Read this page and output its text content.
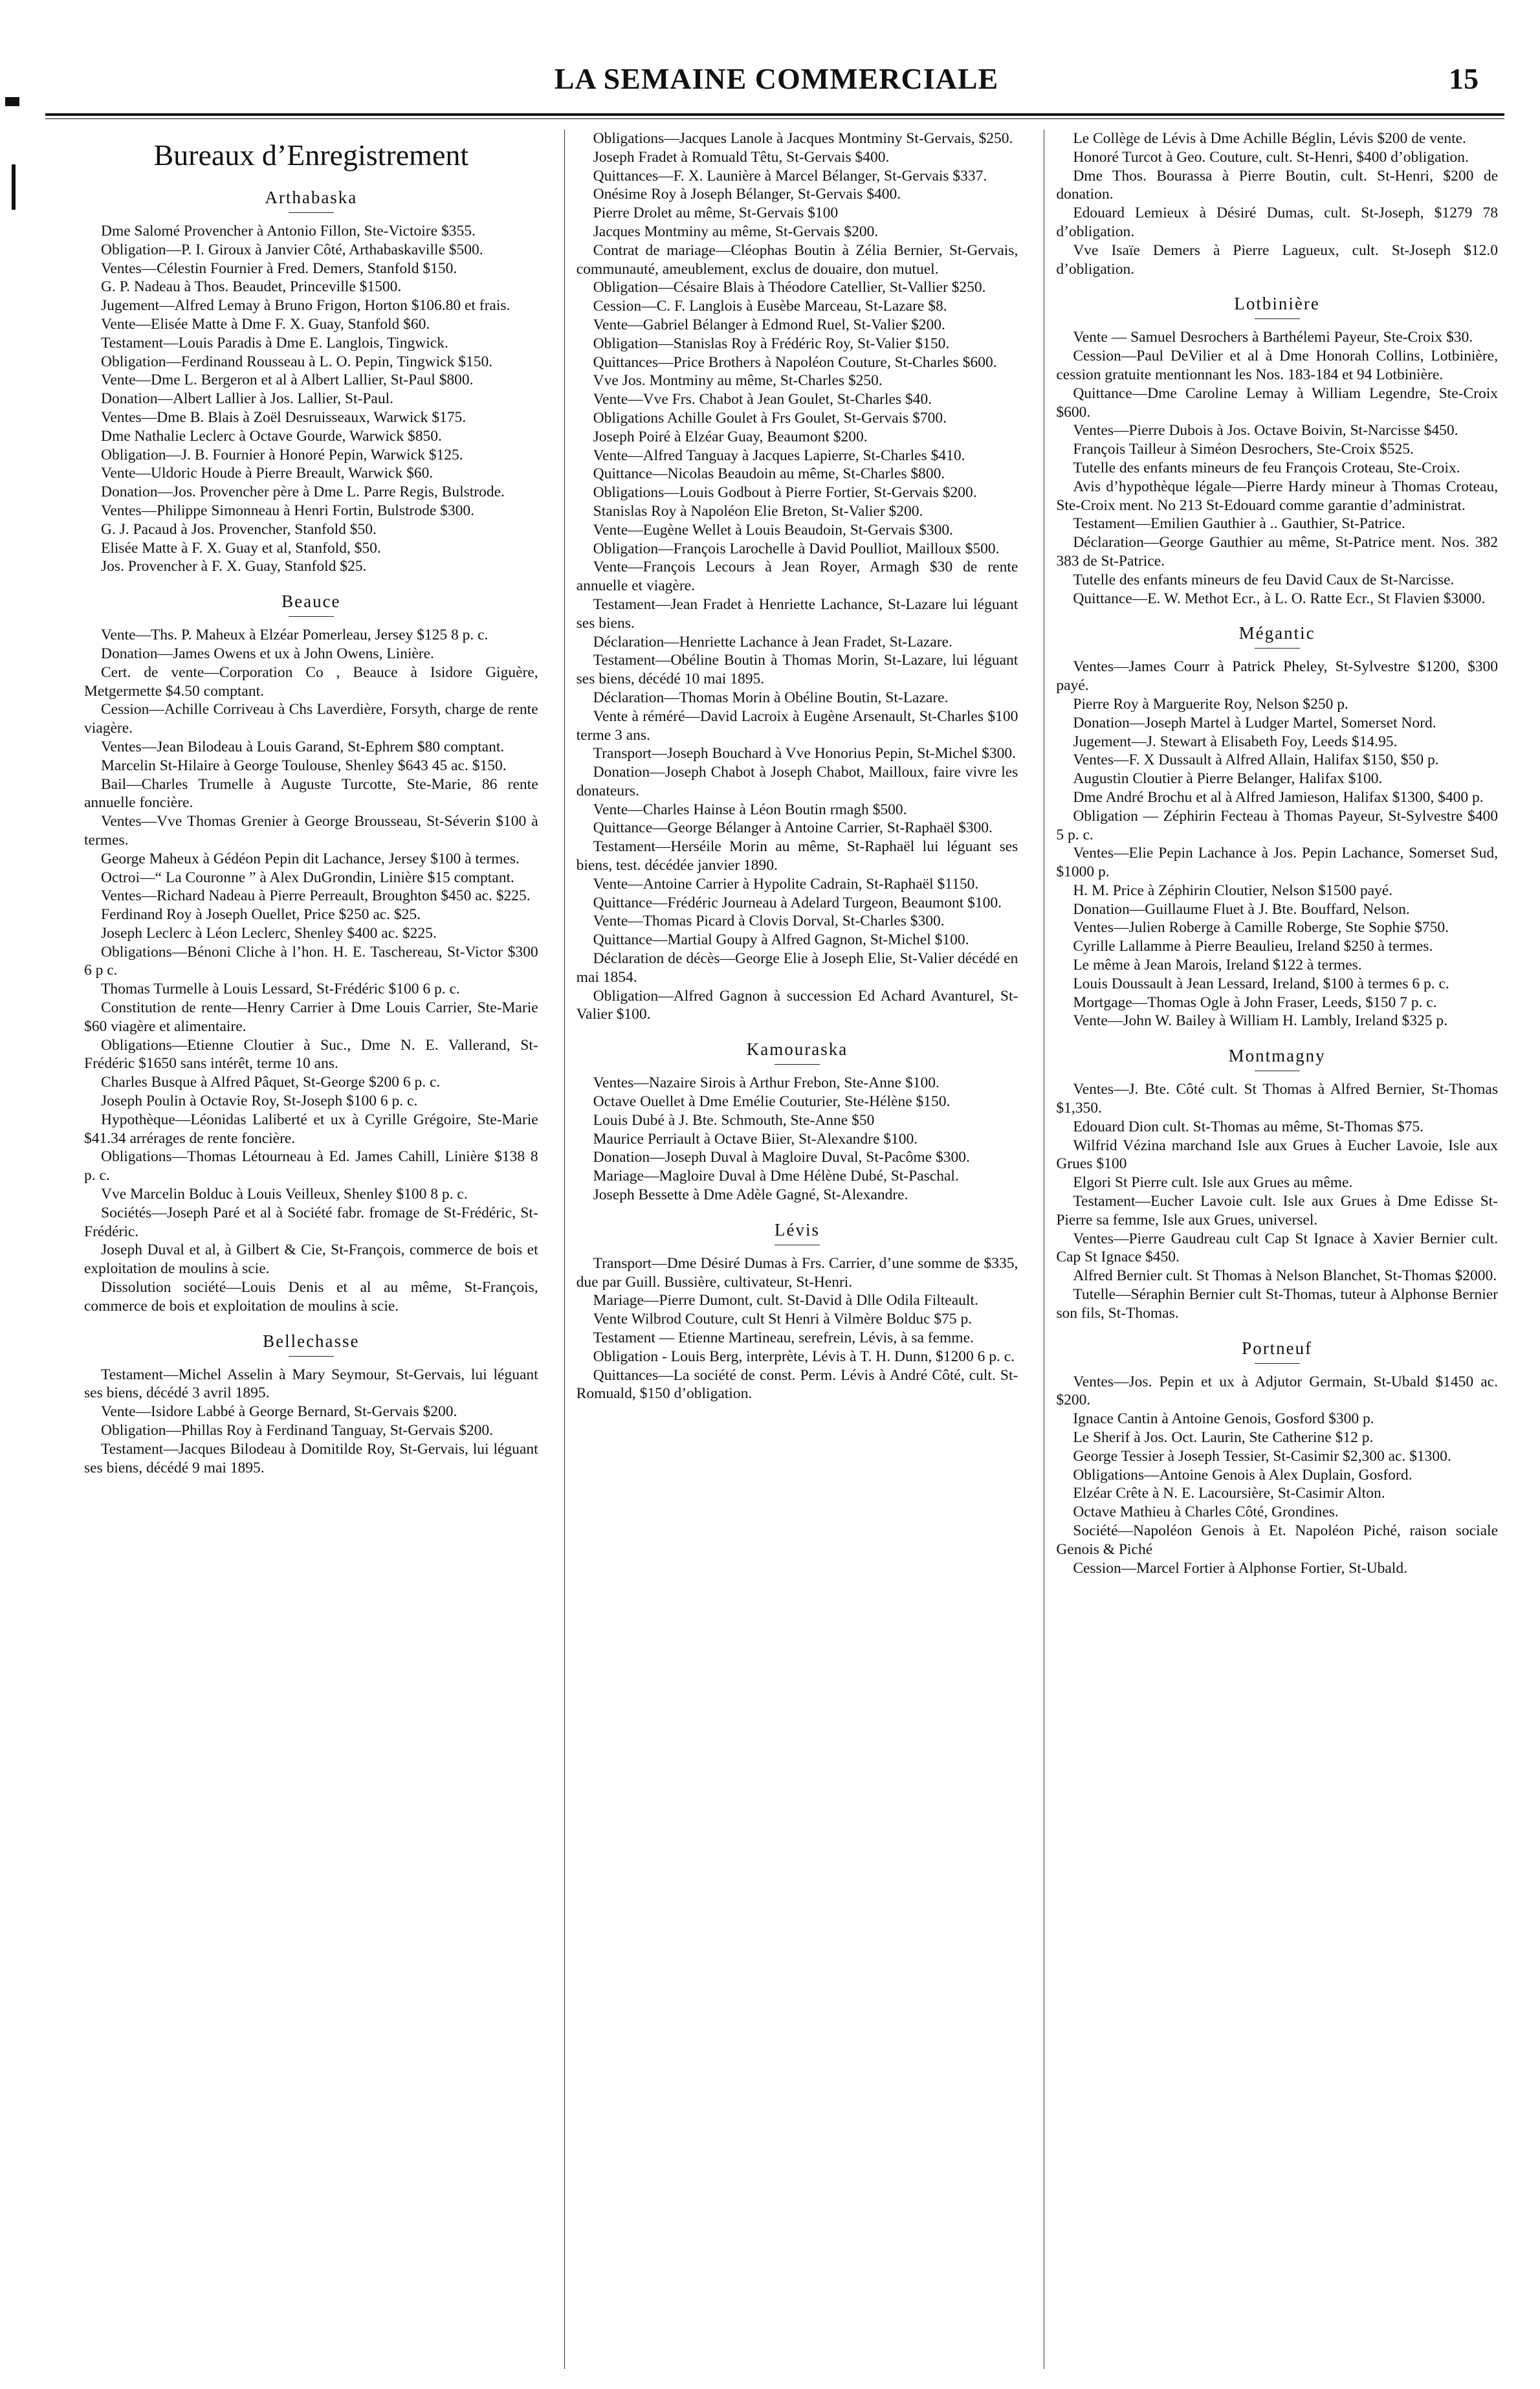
LA SEMAINE COMMERCIALE	15
Bureaux d’Enregistrement
Arthabaska

Dme Salomé Provencher à Antonio Fillon, Ste-Victoire $355.

Obligation—P. I. Giroux à Janvier Côté, Arthabaskaville $500.

Ventes—Célestin Fournier à Fred. Demers, Stanfold $150.

G. P. Nadeau à Thos. Beaudet, Princeville $1500.

Jugement—Alfred Lemay à Bruno Frigon, Horton $106.80 et frais.

Vente—Elisée Matte à Dme F. X. Guay, Stanfold $60.

Testament—Louis Paradis à Dme E. Langlois, Tingwick.

Obligation—Ferdinand Rousseau à L. O. Pepin, Tingwick $150.

Vente—Dme L. Bergeron et al à Albert Lallier, St-Paul $800.

Donation—Albert Lallier à Jos. Lallier, St-Paul.

Ventes—Dme B. Blais à Zoël Desruisseaux, Warwick $175.

Dme Nathalie Leclerc à Octave Gourde, Warwick $850.

Obligation—J. B. Fournier à Honoré Pepin, Warwick $125.

Vente—Uldoric Houde à Pierre Breault, Warwick $60.

Donation—Jos. Provencher père à Dme L. Parre Regis, Bulstrode.

Ventes—Philippe Simonneau à Henri Fortin, Bulstrode $300.

G. J. Pacaud à Jos. Provencher, Stanfold $50.

Elisée Matte à F. X. Guay et al, Stanfold, $50.

Jos. Provencher à F. X. Guay, Stanfold $25.

Beauce

Vente—Ths. P. Maheux à Elzéar Pomerleau, Jersey $125 8 p. c.

Donation—James Owens et ux à John Owens, Linière.

Cert. de vente—Corporation Co , Beauce à Isidore Giguère, Metgermette $4.50 comptant.

Cession—Achille Corriveau à Chs Laverdière, Forsyth, charge de rente viagère.

Ventes—Jean Bilodeau à Louis Garand, St-Ephrem $80 comptant.

Marcelin St-Hilaire à George Toulouse, Shenley $643 45 ac. $150.

Bail—Charles Trumelle à Auguste Turcotte, Ste-Marie, 86 rente annuelle foncière.

Ventes—Vve Thomas Grenier à George Brousseau, St-Séverin $100 à termes.

George Maheux à Gédéon Pepin dit Lachance, Jersey $100 à termes.

Octroi—“ La Couronne ” à Alex DuGrondin, Linière $15 comptant.

Ventes—Richard Nadeau à Pierre Perreault, Broughton $450 ac. $225.

Ferdinand Roy à Joseph Ouellet, Price $250 ac. $25.

Joseph Leclerc à Léon Leclerc, Shenley $400 ac. $225.

Obligations—Bénoni Cliche à l’hon. H. E. Taschereau, St-Victor $300 6 p c.

Thomas Turmelle à Louis Lessard, St-Frédéric $100 6 p. c.

Constitution de rente—Henry Carrier à Dme Louis Carrier, Ste-Marie $60 viagère et alimentaire.

Obligations—Etienne Cloutier à Suc., Dme N. E. Vallerand, St-Frédéric $1650 sans intérêt, terme 10 ans.

Charles Busque à Alfred Pâquet, St-George $200 6 p. c.

Joseph Poulin à Octavie Roy, St-Joseph $100 6 p. c.

Hypothèque—Léonidas Laliberté et ux à Cyrille Grégoire, Ste-Marie $41.34 arrérages de rente foncière.

Obligations—Thomas Létourneau à Ed. James Cahill, Linière $138 8 p. c.

Vve Marcelin Bolduc à Louis Veilleux, Shenley $100 8 p. c.

Sociétés—Joseph Paré et al à Société fabr. fromage de St-Frédéric, St-Frédéric.

Joseph Duval et al, à Gilbert & Cie, St-François, commerce de bois et exploitation de moulins à scie.

Dissolution société—Louis Denis et al au même, St-François, commerce de bois et exploitation de moulins à scie.

Bellechasse

Testament—Michel Asselin à Mary Seymour, St-Gervais, lui léguant ses biens, décédé 3 avril 1895.

Vente—Isidore Labbé à George Bernard, St-Gervais $200.

Obligation—Phillas Roy à Ferdinand Tanguay, St-Gervais $200.

Testament—Jacques Bilodeau à Domitilde Roy, St-Gervais, lui léguant ses biens, décédé 9 mai 1895.

Obligations—Jacques Lanole à Jacques Montminy St-Gervais, $250.

Joseph Fradet à Romuald Têtu, St-Gervais $400.

Quittances—F. X. Launière à Marcel Bélanger, St-Gervais $337.

Onésime Roy à Joseph Bélanger, St-Gervais $400.

Pierre Drolet au même, St-Gervais $100

Jacques Montminy au même, St-Gervais $200.

Contrat de mariage—Cléophas Boutin à Zélia Bernier, St-Gervais, communauté, ameublement, exclus de douaire, don mutuel.

Obligation—Césaire Blais à Théodore Catellier, St-Vallier $250.

Cession—C. F. Langlois à Eusèbe Marceau, St-Lazare $8.

Vente—Gabriel Bélanger à Edmond Ruel, St-Valier $200.

Obligation—Stanislas Roy à Frédéric Roy, St-Valier $150.

Quittances—Price Brothers à Napoléon Couture, St-Charles $600.

Vve Jos. Montminy au même, St-Charles $250.

Vente—Vve Frs. Chabot à Jean Goulet, St-Charles $40.

Obligations Achille Goulet à Frs Goulet, St-Gervais $700.

Joseph Poiré à Elzéar Guay, Beaumont $200.

Vente—Alfred Tanguay à Jacques Lapierre, St-Charles $410.

Quittance—Nicolas Beaudoin au même, St-Charles $800.

Obligations—Louis Godbout à Pierre Fortier, St-Gervais $200.

Stanislas Roy à Napoléon Elie Breton, St-Valier $200.

Vente—Eugène Wellet à Louis Beaudoin, St-Gervais $300.

Obligation—François Larochelle à David Poulliot, Mailloux $500.

Vente—François Lecours à Jean Royer, Armagh $30 de rente annuelle et viagère.

Testament—Jean Fradet à Henriette Lachance, St-Lazare lui léguant ses biens.

Déclaration—Henriette Lachance à Jean Fradet, St-Lazare.

Testament—Obéline Boutin à Thomas Morin, St-Lazare, lui léguant ses biens, décédé 10 mai 1895.

Déclaration—Thomas Morin à Obéline Boutin, St-Lazare.

Vente à réméré—David Lacroix à Eugène Arsenault, St-Charles $100 terme 3 ans.

Transport—Joseph Bouchard à Vve Honorius Pepin, St-Michel $300.

Donation—Joseph Chabot à Joseph Chabot, Mailloux, faire vivre les donateurs.

Vente—Charles Hainse à Léon Boutin rmagh $500.

Quittance—George Bélanger à Antoine Carrier, St-Raphaël $300.

Testament—Herséile Morin au même, St-Raphaël lui léguant ses biens, test. décédée janvier 1890.

Vente—Antoine Carrier à Hypolite Cadrain, St-Raphaël $1150.

Quittance—Frédéric Journeau à Adelard Turgeon, Beaumont $100.

Vente—Thomas Picard à Clovis Dorval, St-Charles $300.

Quittance—Martial Goupy à Alfred Gagnon, St-Michel $100.

Déclaration de décès—George Elie à Joseph Elie, St-Valier décédé en mai 1854.

Obligation—Alfred Gagnon à succession Ed Achard Avanturel, St-Valier $100.

Kamouraska

Ventes—Nazaire Sirois à Arthur Frebon, Ste-Anne $100.

Octave Ouellet à Dme Emélie Couturier, Ste-Hélène $150.

Louis Dubé à J. Bte. Schmouth, Ste-Anne $50

Maurice Perriault à Octave Biier, St-Alexandre $100.

Donation—Joseph Duval à Magloire Duval, St-Pacôme $300.

Mariage—Magloire Duval à Dme Hélène Dubé, St-Paschal.

Joseph Bessette à Dme Adèle Gagné, St-Alexandre.

Lévis

Transport—Dme Désiré Dumas à Frs. Carrier, d’une somme de $335, due par Guill. Bussière, cultivateur, St-Henri.

Mariage—Pierre Dumont, cult. St-David à Dlle Odila Filteault.

Vente Wilbrod Couture, cult St Henri à Vilmère Bolduc $75 p.

Testament — Etienne Martineau, serefrein, Lévis, à sa femme.

Obligation - Louis Berg, interprète, Lévis à T. H. Dunn, $1200 6 p. c.

Quittances—La société de const. Perm. Lévis à André Côté, cult. St-Romuald, $150 d’obligation.

Le Collège de Lévis à Dme Achille Béglin, Lévis $200 de vente.

Honoré Turcot à Geo. Couture, cult. St-Henri, $400 d’obligation.

Dme Thos. Bourassa à Pierre Boutin, cult. St-Henri, $200 de donation.

Edouard Lemieux à Désiré Dumas, cult. St-Joseph, $1279 78 d’obligation.

Vve Isaïe Demers à Pierre Lagueux, cult. St-Joseph $12.0 d’obligation.

Lotbinière

Vente — Samuel Desrochers à Barthélemi Payeur, Ste-Croix $30.

Cession—Paul DeVilier et al à Dme Honorah Collins, Lotbinière, cession gratuite mentionnant les Nos. 183-184 et 94 Lotbinière.

Quittance—Dme Caroline Lemay à William Legendre, Ste-Croix $600.

Ventes—Pierre Dubois à Jos. Octave Boivin, St-Narcisse $450.

François Tailleur à Siméon Desrochers, Ste-Croix $525.

Tutelle des enfants mineurs de feu François Croteau, Ste-Croix.

Avis d’hypothèque légale—Pierre Hardy mineur à Thomas Croteau, Ste-Croix ment. No 213 St-Edouard comme garantie d’administrat.

Testament—Emilien Gauthier à .. Gauthier, St-Patrice.

Déclaration—George Gauthier au même, St-Patrice ment. Nos. 382 383 de St-Patrice.

Tutelle des enfants mineurs de feu David Caux de St-Narcisse.

Quittance—E. W. Methot Ecr., à L. O. Ratte Ecr., St Flavien $3000.

Mégantic

Ventes—James Courr à Patrick Pheley, St-Sylvestre $1200, $300 payé.

Pierre Roy à Marguerite Roy, Nelson $250 p.

Donation—Joseph Martel à Ludger Martel, Somerset Nord.

Jugement—J. Stewart à Elisabeth Foy, Leeds $14.95.

Ventes—F. X Dussault à Alfred Allain, Halifax $150, $50 p.

Augustin Cloutier à Pierre Belanger, Halifax $100.

Dme André Brochu et al à Alfred Jamieson, Halifax $1300, $400 p.

Obligation — Zéphirin Fecteau à Thomas Payeur, St-Sylvestre $400 5 p. c.

Ventes—Elie Pepin Lachance à Jos. Pepin Lachance, Somerset Sud, $1000 p.

H. M. Price à Zéphirin Cloutier, Nelson $1500 payé.

Donation—Guillaume Fluet à J. Bte. Bouffard, Nelson.

Ventes—Julien Roberge à Camille Roberge, Ste Sophie $750.

Cyrille Lallamme à Pierre Beaulieu, Ireland $250 à termes.

Le même à Jean Marois, Ireland $122 à termes.

Louis Doussault à Jean Lessard, Ireland, $100 à termes 6 p. c.

Mortgage—Thomas Ogle à John Fraser, Leeds, $150 7 p. c.

Vente—John W. Bailey à William H. Lambly, Ireland $325 p.

Montmagny

Ventes—J. Bte. Côté cult. St Thomas à Alfred Bernier, St-Thomas $1,350.

Edouard Dion cult. St-Thomas au même, St-Thomas $75.

Wilfrid Vézina marchand Isle aux Grues à Eucher Lavoie, Isle aux Grues $100

Elgori St Pierre cult. Isle aux Grues au même.

Testament—Eucher Lavoie cult. Isle aux Grues à Dme Edisse St-Pierre sa femme, Isle aux Grues, universel.

Ventes—Pierre Gaudreau cult Cap St Ignace à Xavier Bernier cult. Cap St Ignace $450.

Alfred Bernier cult. St Thomas à Nelson Blanchet, St-Thomas $2000.

Tutelle—Séraphin Bernier cult St-Thomas, tuteur à Alphonse Bernier son fils, St-Thomas.

Portneuf

Ventes—Jos. Pepin et ux à Adjutor Germain, St-Ubald $1450 ac. $200.

Ignace Cantin à Antoine Genois, Gosford $300 p.

Le Sherif à Jos. Oct. Laurin, Ste Catherine $12 p.

George Tessier à Joseph Tessier, St-Casimir $2,300 ac. $1300.

Obligations—Antoine Genois à Alex Duplain, Gosford.

Elzéar Crête à N. E. Lacoursière, St-Casimir Alton.

Octave Mathieu à Charles Côté, Grondines.

Société—Napoléon Genois à Et. Napoléon Piché, raison sociale Genois & Piché

Cession—Marcel Fortier à Alphonse Fortier, St-Ubald.
